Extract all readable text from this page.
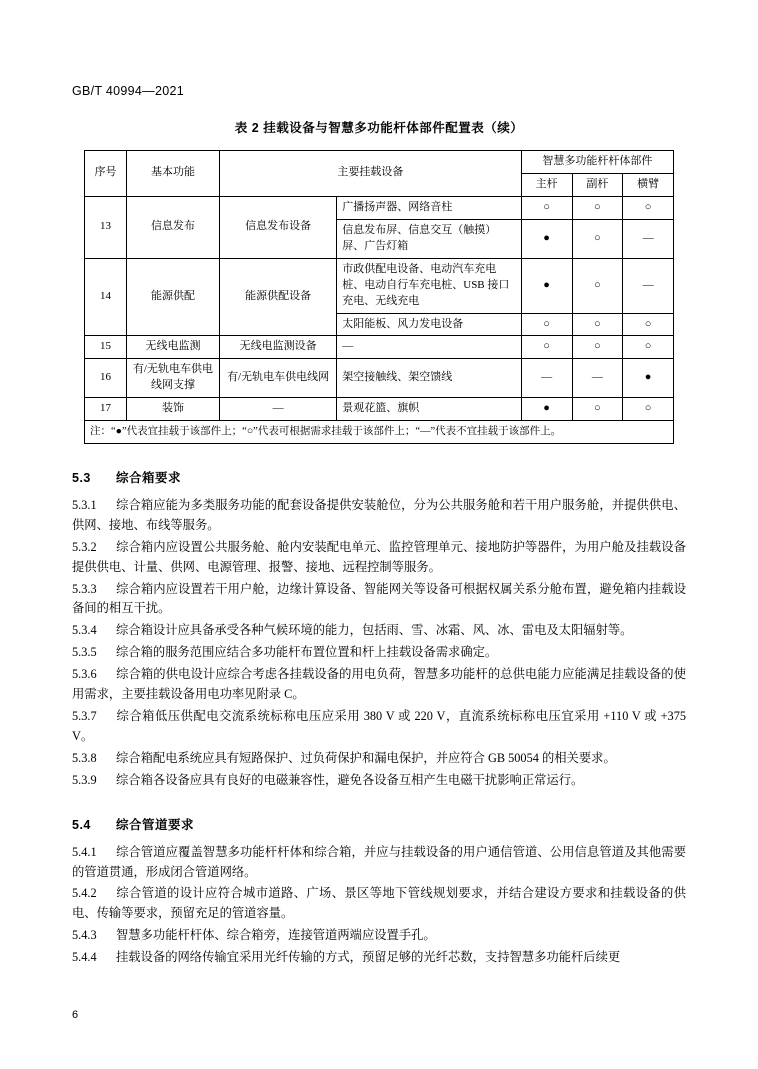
GB/T 40994—2021
表 2 挂载设备与智慧多功能杆体部件配置表（续）
序号	基本功能	主要挂载设备		智慧多功能杆杆体部件		
				主杆	副杆	横臂
13	信息发布	信息发布设备	广播扬声器、网络音柱	○	○	○
			信息发布屏、信息交互（触摸）屏、广告灯箱	●	○	—
14	能源供配	能源供配设备	市政供配电设备、电动汽车充电桩、电动自行车充电桩、USB 接口充电、无线充电	●	○	—
			太阳能板、风力发电设备	○	○	○
15	无线电监测	无线电监测设备	—	○	○	○
16	有/无轨电车供电线网支撑	有/无轨电车供电线网	架空接触线、架空馈线	—	—	●
17	装饰	—	景观花篮、旗帜	●	○	○
注：“●”代表宜挂载于该部件上；“○”代表可根据需求挂载于该部件上；“—”代表不宜挂载于该部件上。						
5.3 综合箱要求

5.3.1 综合箱应能为多类服务功能的配套设备提供安装舱位，分为公共服务舱和若干用户服务舱，并提供供电、供网、接地、布线等服务。

5.3.2 综合箱内应设置公共服务舱、舱内安装配电单元、监控管理单元、接地防护等器件，为用户舱及挂载设备提供供电、计量、供网、电源管理、报警、接地、远程控制等服务。

5.3.3 综合箱内应设置若干用户舱，边缘计算设备、智能网关等设备可根据权属关系分舱布置，避免箱内挂载设备间的相互干扰。

5.3.4 综合箱设计应具备承受各种气候环境的能力，包括雨、雪、冰霜、风、冰、雷电及太阳辐射等。

5.3.5 综合箱的服务范围应结合多功能杆布置位置和杆上挂载设备需求确定。

5.3.6 综合箱的供电设计应综合考虑各挂载设备的用电负荷，智慧多功能杆的总供电能力应能满足挂载设备的使用需求，主要挂载设备用电功率见附录 C。

5.3.7 综合箱低压供配电交流系统标称电压应采用 380 V 或 220 V，直流系统标称电压宜采用 +110 V 或 +375 V。

5.3.8 综合箱配电系统应具有短路保护、过负荷保护和漏电保护，并应符合 GB 50054 的相关要求。

5.3.9 综合箱各设备应具有良好的电磁兼容性，避免各设备互相产生电磁干扰影响正常运行。

5.4 综合管道要求

5.4.1 综合管道应覆盖智慧多功能杆杆体和综合箱，并应与挂载设备的用户通信管道、公用信息管道及其他需要的管道贯通，形成闭合管道网络。

5.4.2 综合管道的设计应符合城市道路、广场、景区等地下管线规划要求，并结合建设方要求和挂载设备的供电、传输等要求，预留充足的管道容量。

5.4.3 智慧多功能杆杆体、综合箱旁，连接管道两端应设置手孔。

5.4.4 挂载设备的网络传输宜采用光纤传输的方式，预留足够的光纤芯数，支持智慧多功能杆后续更

6
